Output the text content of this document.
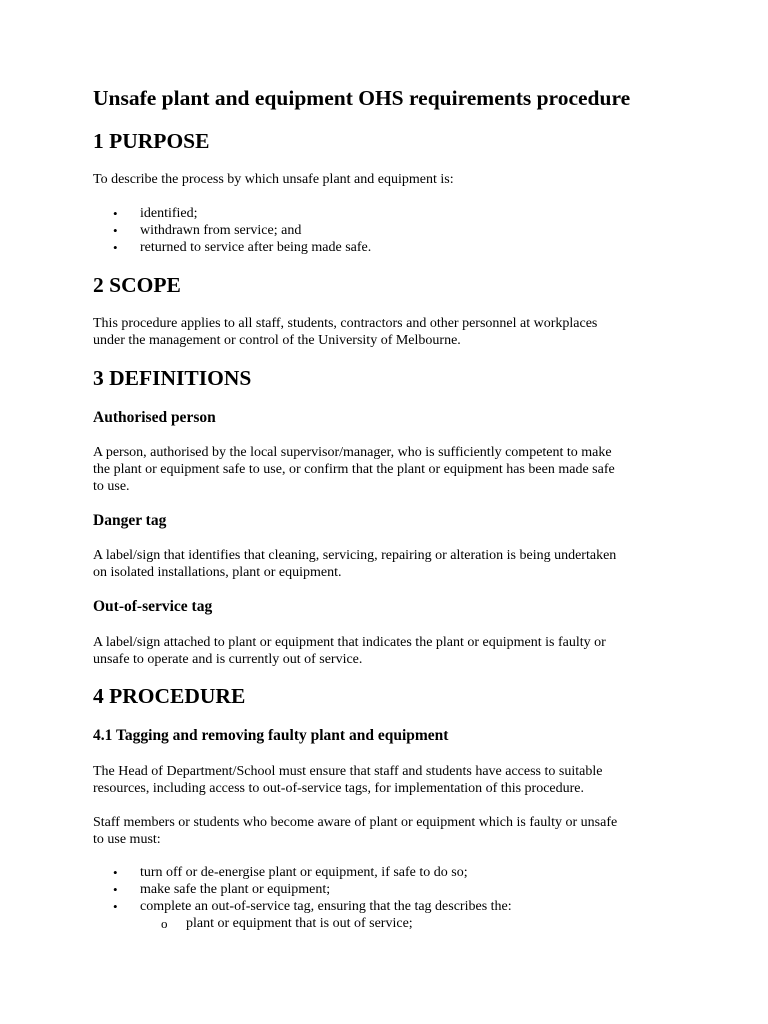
Unsafe plant and equipment OHS requirements procedure
1 PURPOSE

To describe the process by which unsafe plant and equipment is:

• identified;

• withdrawn from service; and

• returned to service after being made safe.

2 SCOPE

This procedure applies to all staff, students, contractors and other personnel at workplaces

under the management or control of the University of Melbourne.

3 DEFINITIONS
Authorised person

A person, authorised by the local supervisor/manager, who is sufficiently competent to make

the plant or equipment safe to use, or confirm that the plant or equipment has been made safe

to use.

Danger tag

A label/sign that identifies that cleaning, servicing, repairing or alteration is being undertaken

on isolated installations, plant or equipment.

Out-of-service tag

A label/sign attached to plant or equipment that indicates the plant or equipment is faulty or

unsafe to operate and is currently out of service.

4 PROCEDURE
4.1 Tagging and removing faulty plant and equipment

The Head of Department/School must ensure that staff and students have access to suitable

resources, including access to out-of-service tags, for implementation of this procedure.

Staff members or students who become aware of plant or equipment which is faulty or unsafe

to use must:

• turn off or de-energise plant or equipment, if safe to do so;

• make safe the plant or equipment;

• complete an out-of-service tag, ensuring that the tag describes the:

o plant or equipment that is out of service;
